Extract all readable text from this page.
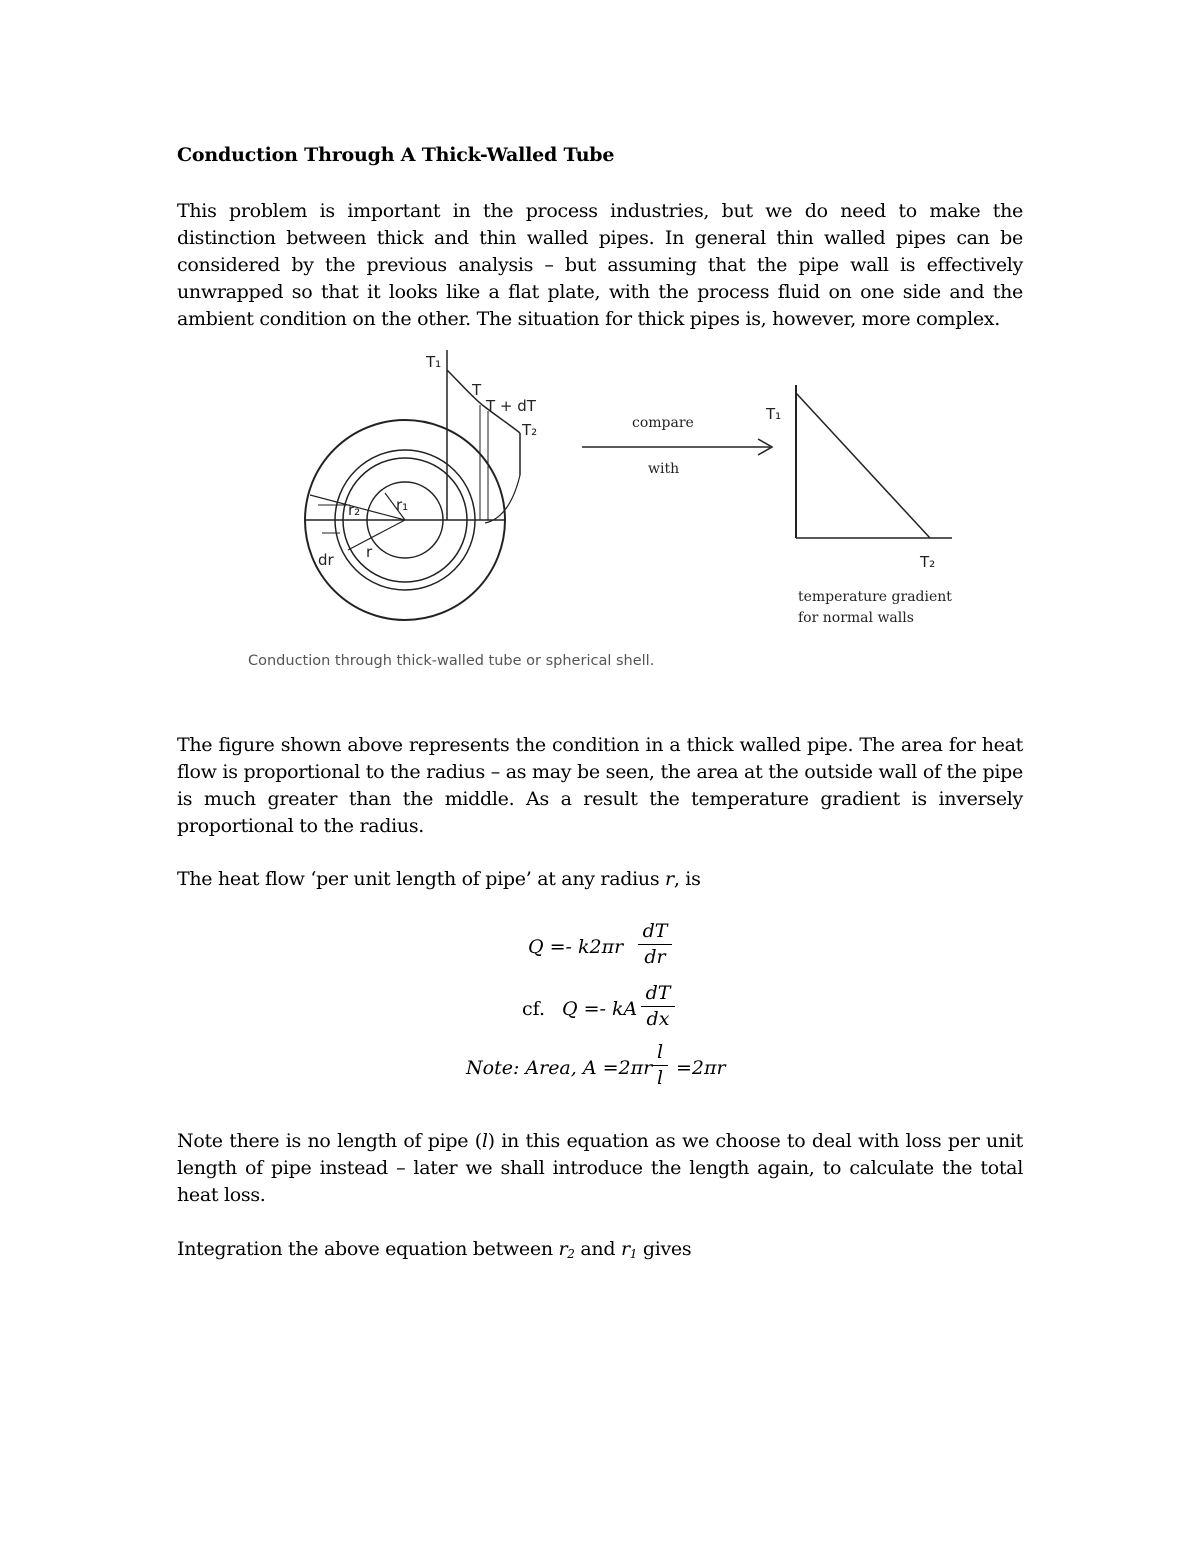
Conduction Through A Thick-Walled Tube
This problem is important in the process industries, but we do need to make the distinction between thick and thin walled pipes. In general thin walled pipes can be considered by the previous analysis – but assuming that the pipe wall is effectively unwrapped so that it looks like a flat plate, with the process fluid on one side and the ambient condition on the other. The situation for thick pipes is, however, more complex.
T₁
T
T + dT
T₂
r₂ r₁
r
dr
compare
with
T₁
T₂
temperature gradient
for normal walls
Conduction through thick-walled tube or spherical shell.
The figure shown above represents the condition in a thick walled pipe. The area for heat flow is proportional to the radius – as may be seen, the area at the outside wall of the pipe is much greater than the middle. As a result the temperature gradient is inversely proportional to the radius.
The heat flow ‘per unit length of pipe’ at any radius r, is
Q =- k2πr
dT
dr
cf. Q =- kA
dT
dx
Note: Area, A =2πr
l
l =2πr
Note there is no length of pipe (l) in this equation as we choose to deal with loss per unit length of pipe instead – later we shall introduce the length again, to calculate the total heat loss.
Integration the above equation between $r_2$ and $r_1$ gives
